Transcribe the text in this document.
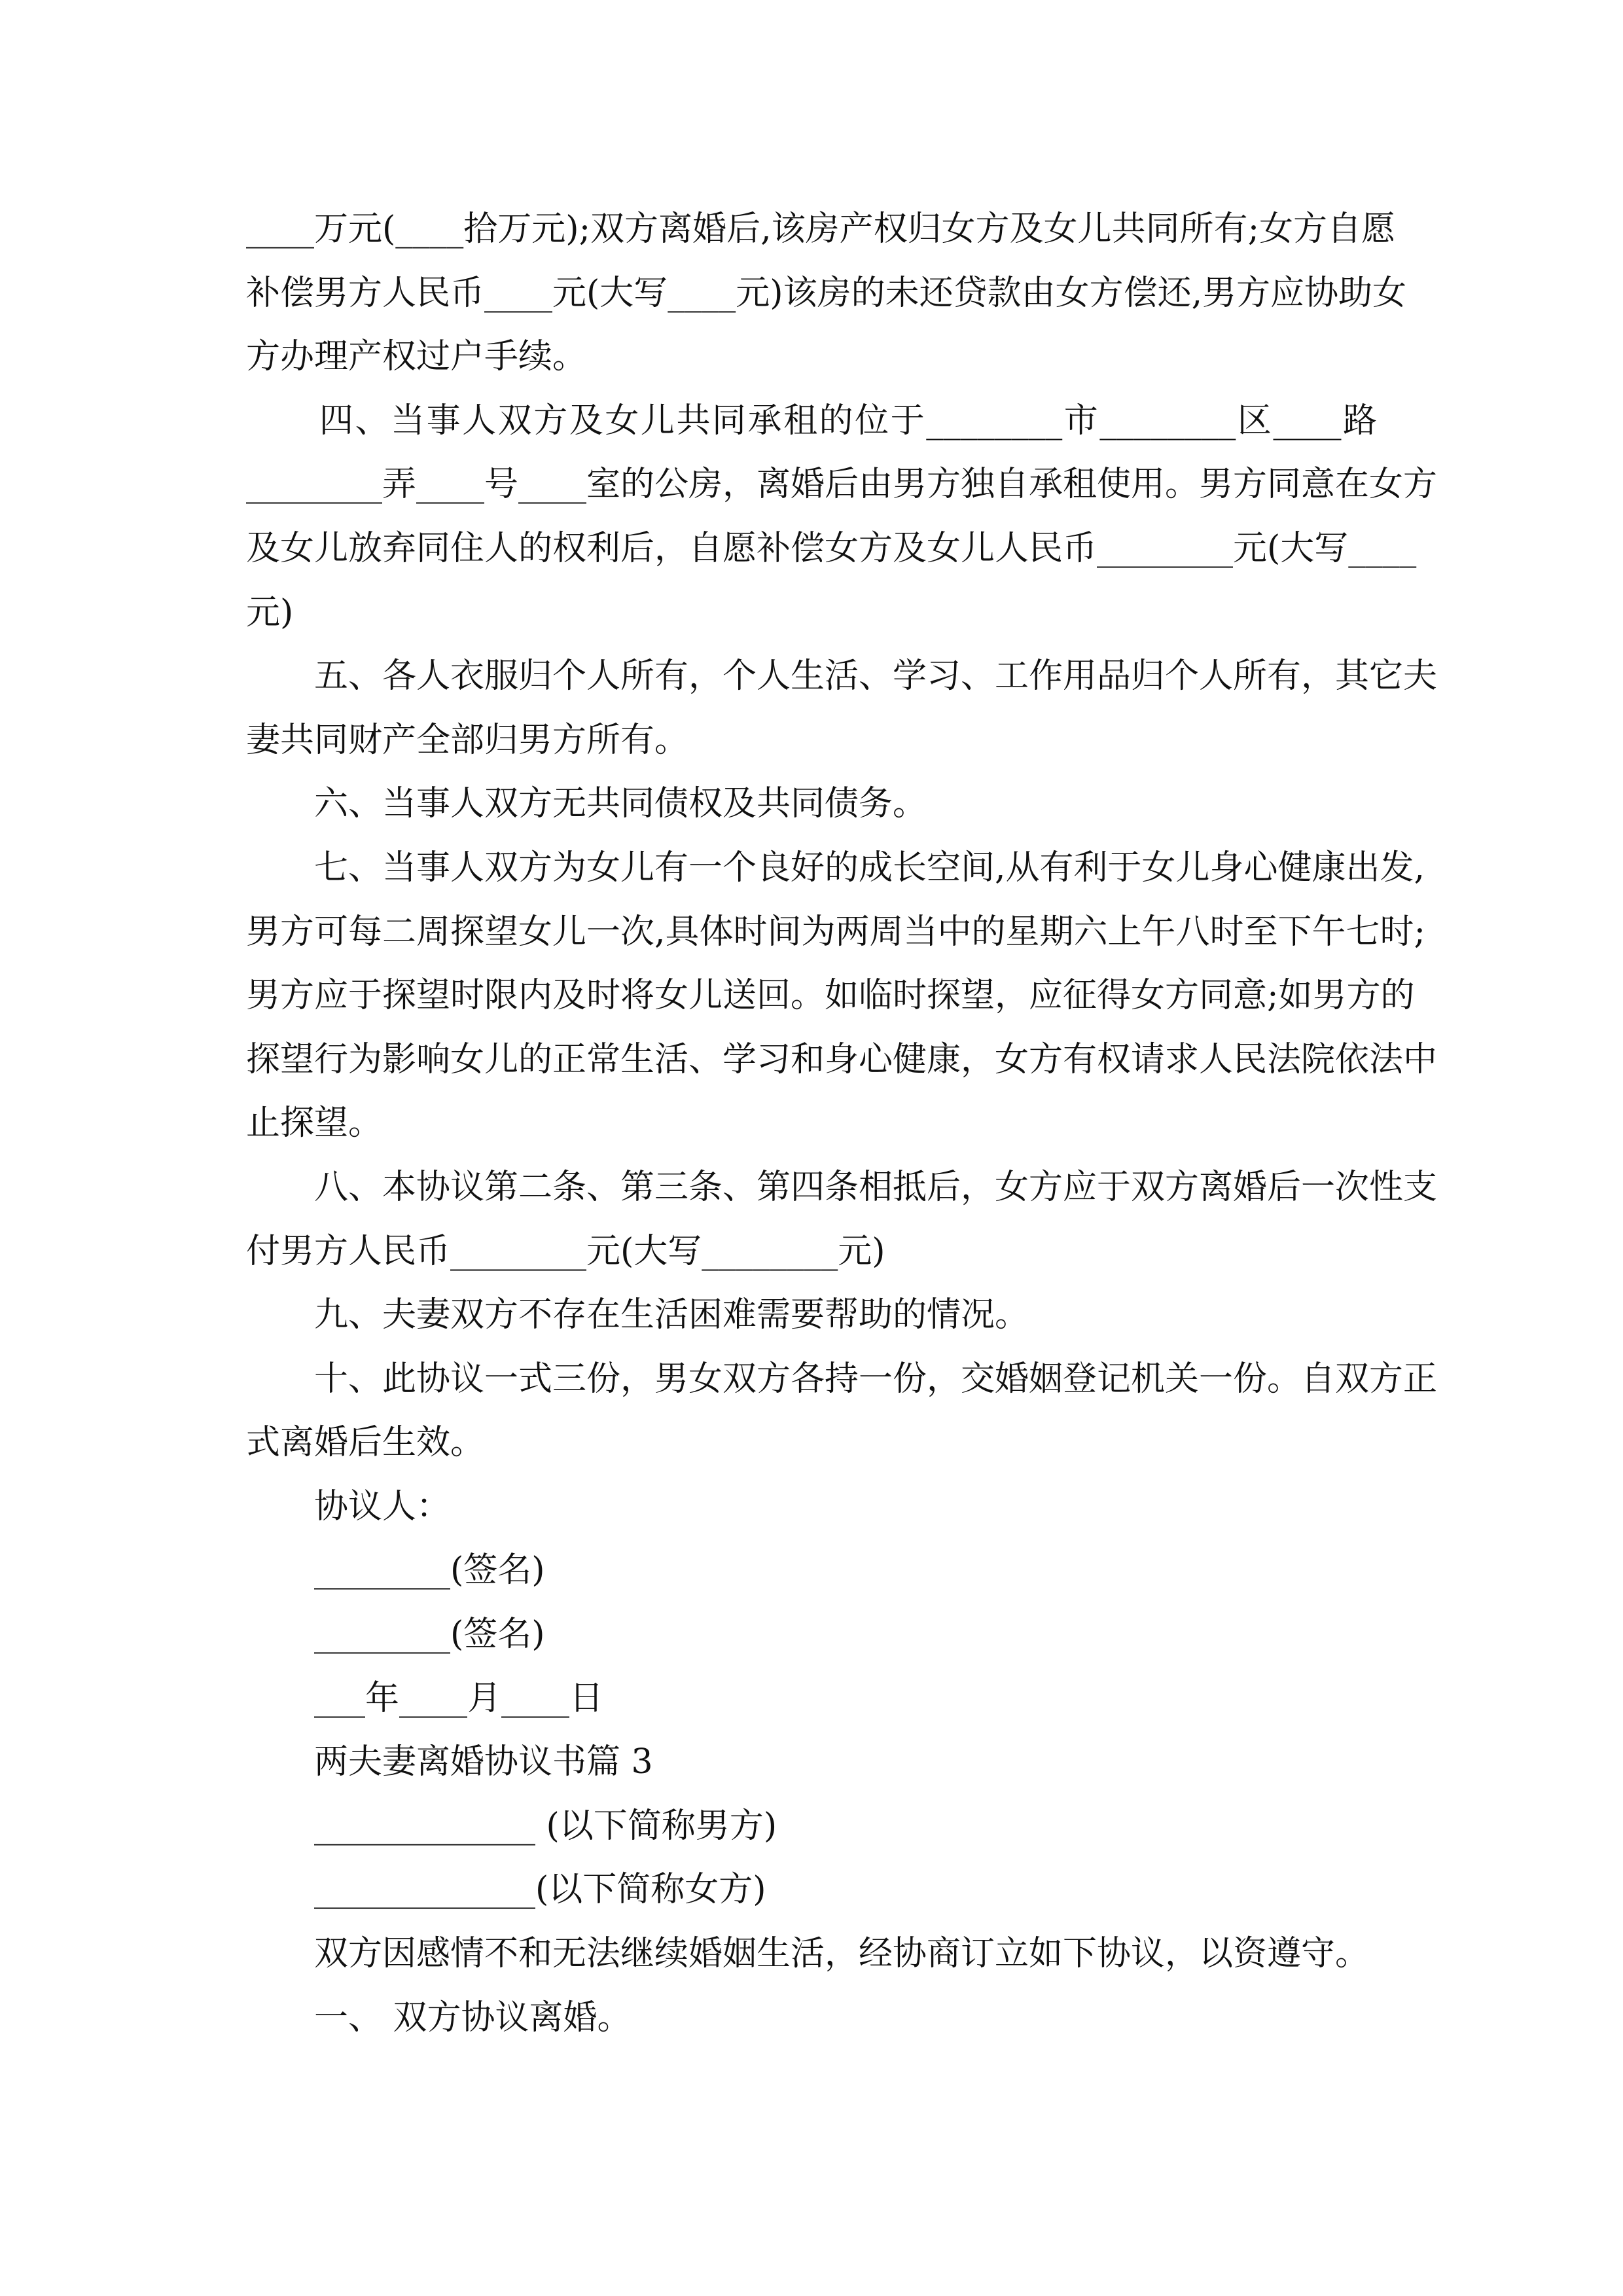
____万元(____拾万元);双方离婚后,该房产权归女方及女儿共同所有;女方自愿
补偿男方人民币____元(大写____元)该房的未还贷款由女方偿还,男方应协助女
方办理产权过户手续。
四、当事人双方及女儿共同承租的位于________市________区____路
________弄____号____室的公房，离婚后由男方独自承租使用。男方同意在女方
及女儿放弃同住人的权利后，自愿补偿女方及女儿人民币________元(大写____
元)
五、各人衣服归个人所有，个人生活、学习、工作用品归个人所有，其它夫
妻共同财产全部归男方所有。
六、当事人双方无共同债权及共同债务。
七、当事人双方为女儿有一个良好的成长空间,从有利于女儿身心健康出发,
男方可每二周探望女儿一次,具体时间为两周当中的星期六上午八时至下午七时;
男方应于探望时限内及时将女儿送回。如临时探望，应征得女方同意;如男方的
探望行为影响女儿的正常生活、学习和身心健康，女方有权请求人民法院依法中
止探望。
八、本协议第二条、第三条、第四条相抵后，女方应于双方离婚后一次性支
付男方人民币________元(大写________元)
九、夫妻双方不存在生活困难需要帮助的情况。
十、此协议一式三份，男女双方各持一份，交婚姻登记机关一份。自双方正
式离婚后生效。
协议人：
________(签名)
________(签名)
___年____月____日
两夫妻离婚协议书篇 3
_____________ (以下简称男方)
_____________(以下简称女方)
双方因感情不和无法继续婚姻生活，经协商订立如下协议，以资遵守。
一、 双方协议离婚。
